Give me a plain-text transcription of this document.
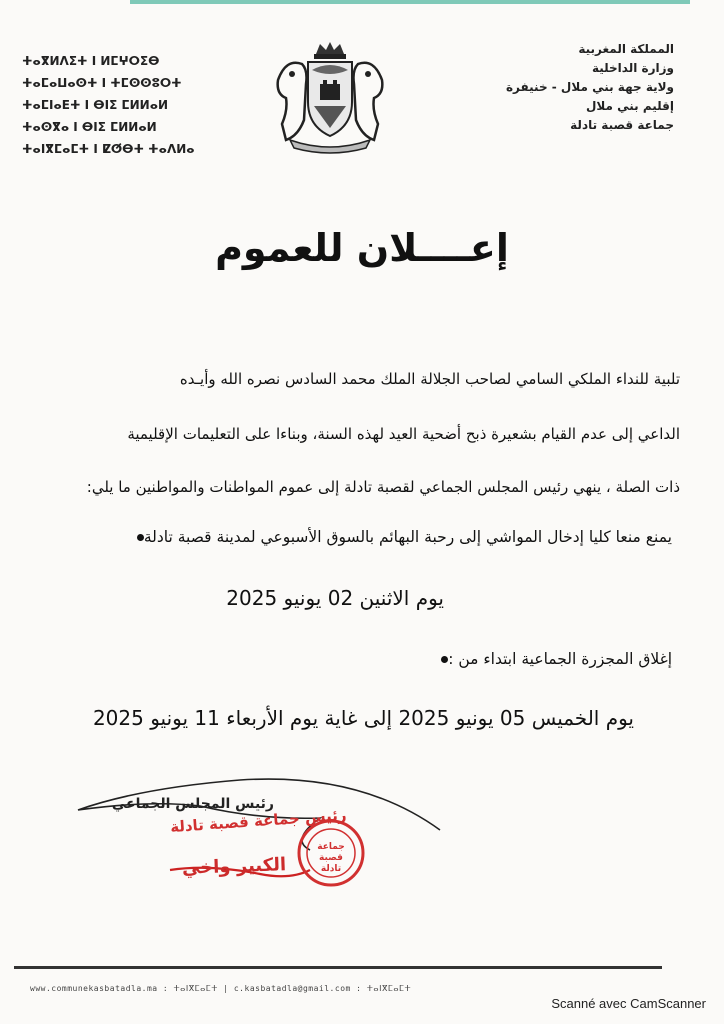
ⵜⴰⴳⵍⴷⵉⵜ ⵏ ⵍⵎⵖⵔⵉⴱ
ⵜⴰⵎⴰⵡⴰⵙⵜ ⵏ ⵜⵎⵙⵙⵓⵔⵜ
ⵜⴰⵎⵏⴰⴹⵜ ⵏ ⴱⵏⵉ ⵎⵍⵍⴰⵍ
ⵜⴰⵙⴳⴰ ⵏ ⴱⵏⵉ ⵎⵍⵍⴰⵍ
ⵜⴰⵏⴳⵎⴰⵎⵜ ⵏ ⵇⵚⴱⵜ ⵜⴰⴷⵍⴰ
المملكة المغربية
وزارة الداخلية
ولاية جهة بني ملال - خنيفرة
إقليم بني ملال
جماعة قصبة تادلة
إعــــلان للعموم
تلبية للنداء الملكي السامي لصاحب الجلالة الملك محمد السادس نصره الله وأيـده
الداعي إلى عدم القيام بشعيرة ذبح أضحية العيد لهذه السنة، وبناءا على التعليمات الإقليمية
ذات الصلة ، ينهي رئيس المجلس الجماعي لقصبة تادلة إلى عموم المواطنات والمواطنين ما يلي:
يمنع منعا كليا إدخال المواشي إلى رحبة البهائم بالسوق الأسبوعي لمدينة قصبة تادلة
يوم الاثنين 02 يونيو 2025
إغلاق المجزرة الجماعية ابتداء من :
يوم الخميس 05 يونيو 2025 إلى غاية يوم الأربعاء 11 يونيو 2025
رئيس المجلس الجماعي
رئيس جماعة قصبة تادلة
الكبير واخي
جماعة قصبة تادلة
www.communekasbatadla.ma : ⵜⴰⵏⴳⵎⴰⵎⵜ | c.kasbatadla@gmail.com : ⵜⴰⵏⴳⵎⴰⵎⵜ
Scanné avec CamScanner
